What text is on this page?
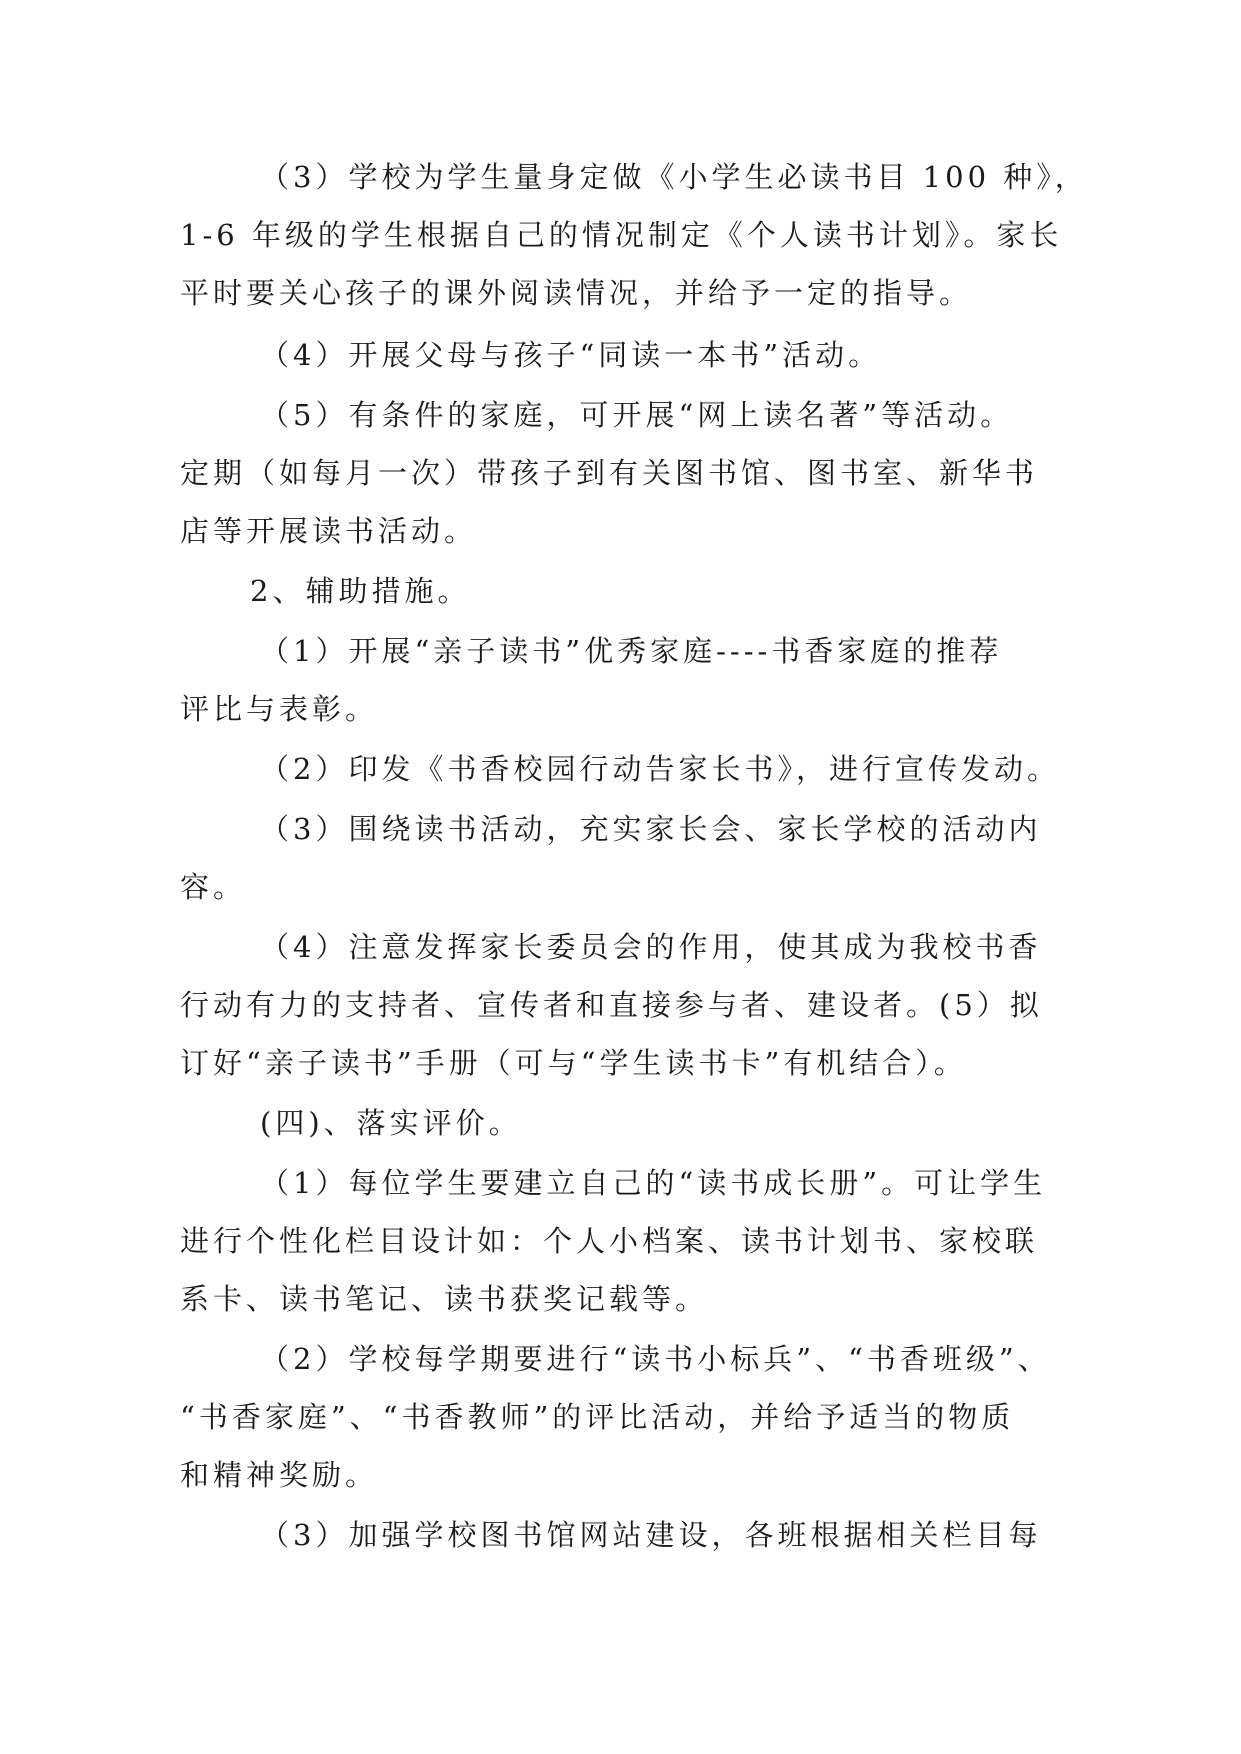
（3）学校为学生量身定做《小学生必读书目 100 种》，
1-6 年级的学生根据自己的情况制定《个人读书计划》。家长
平时要关心孩子的课外阅读情况，并给予一定的指导。
（4）开展父母与孩子“同读一本书”活动。
（5）有条件的家庭，可开展“网上读名著”等活动。
定期（如每月一次）带孩子到有关图书馆、图书室、新华书
店等开展读书活动。
2、辅助措施。
（1）开展“亲子读书”优秀家庭----书香家庭的推荐
评比与表彰。
（2）印发《书香校园行动告家长书》，进行宣传发动。
（3）围绕读书活动，充实家长会、家长学校的活动内
容。
（4）注意发挥家长委员会的作用，使其成为我校书香
行动有力的支持者、宣传者和直接参与者、建设者。(5）拟
订好“亲子读书”手册（可与“学生读书卡”有机结合）。
(四)、落实评价。
（1）每位学生要建立自己的“读书成长册”。可让学生
进行个性化栏目设计如：个人小档案、读书计划书、家校联
系卡、读书笔记、读书获奖记载等。
（2）学校每学期要进行“读书小标兵”、“书香班级”、
“书香家庭”、“书香教师”的评比活动，并给予适当的物质
和精神奖励。
（3）加强学校图书馆网站建设，各班根据相关栏目每
